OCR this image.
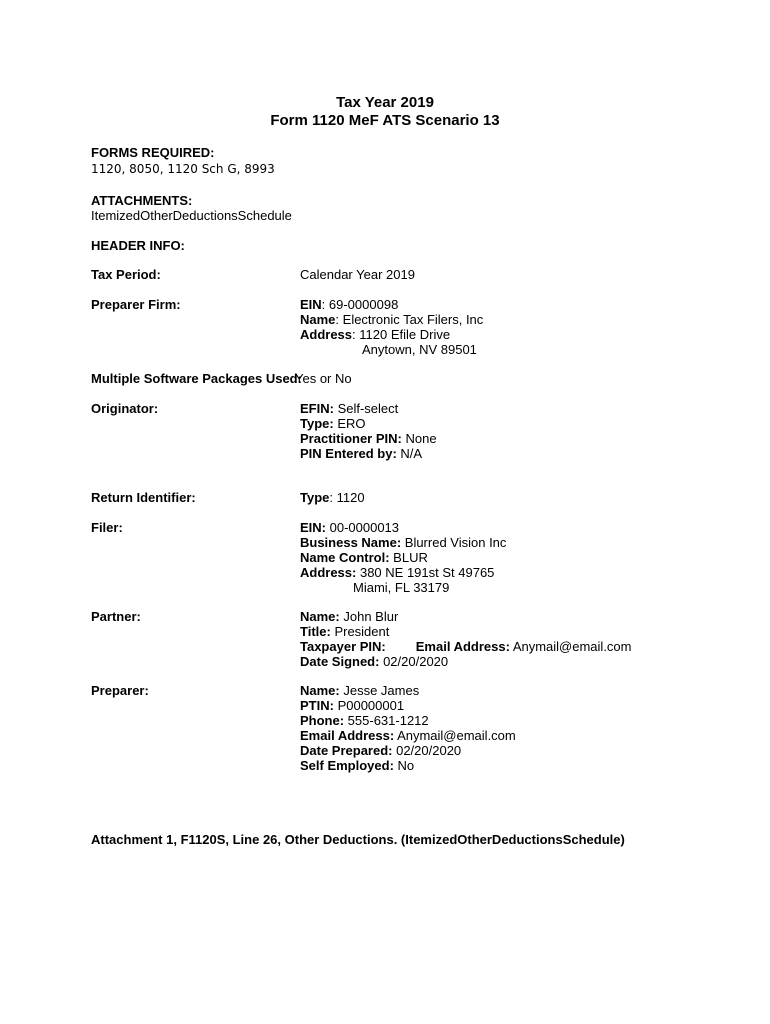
Tax Year 2019
Form 1120 MeF ATS Scenario 13
FORMS REQUIRED:
1120, 8050, 1120 Sch G, 8993
ATTACHMENTS:
ItemizedOtherDeductionsSchedule
HEADER INFO:
Tax Period:	Calendar Year 2019
Preparer Firm:	EIN: 69-0000098
Name: Electronic Tax Filers, Inc
Address: 1120 Efile Drive
Anytown, NV 89501
Multiple Software Packages Used:
Yes or No
Originator:	EFIN: Self-select
Type: ERO
Practitioner PIN: None
PIN Entered by: N/A
Return Identifier:	Type: 1120
Filer:	EIN: 00-0000013
Business Name: Blurred Vision Inc
Name Control: BLUR
Address: 380 NE 191st St 49765
Miami, FL 33179
Partner:	Name: John Blur
Title: President
Taxpayer PIN: Email Address: Anymail@email.com
Date Signed: 02/20/2020
Preparer:	Name: Jesse James
PTIN: P00000001
Phone: 555-631-1212
Email Address: Anymail@email.com
Date Prepared: 02/20/2020
Self Employed: No
Attachment 1, F1120S, Line 26, Other Deductions. (ItemizedOtherDeductionsSchedule)
